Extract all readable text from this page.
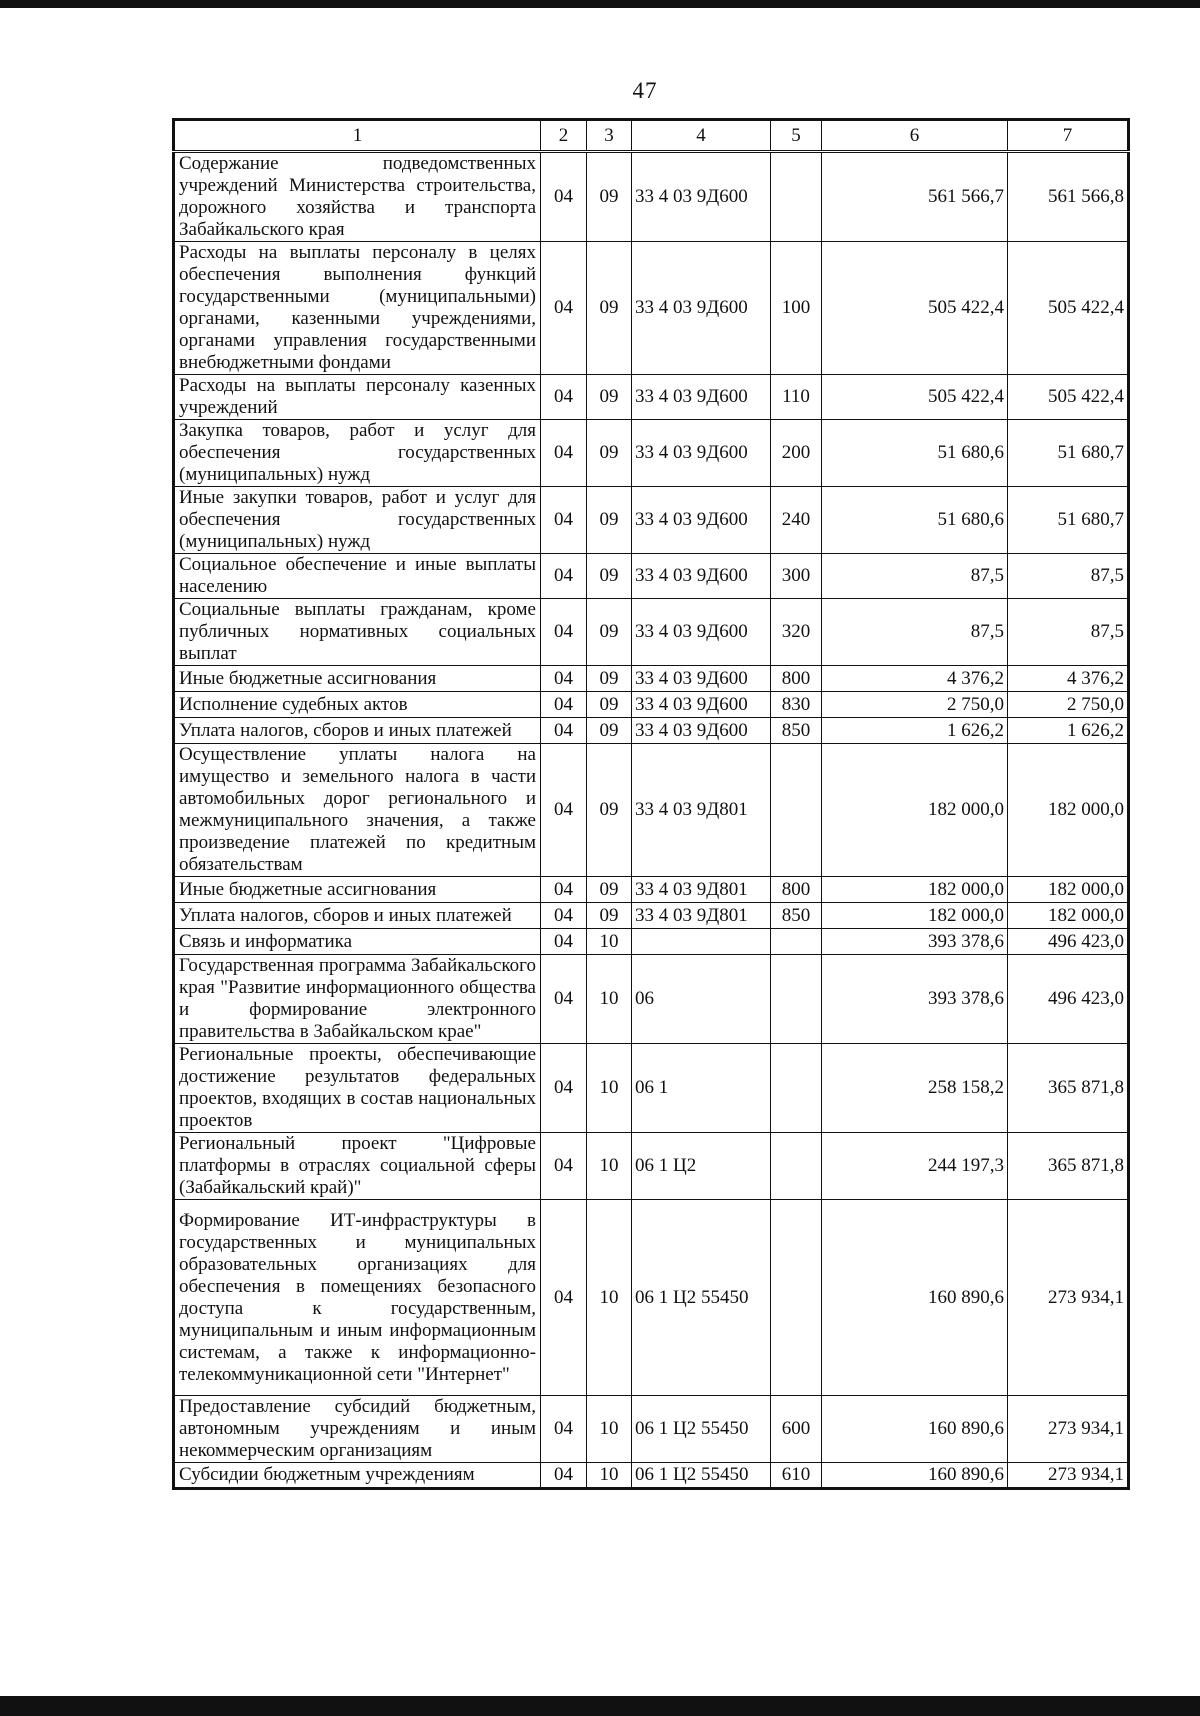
47
1	2	3	4	5	6	7
Содержание подведомственных учреждений Министерства строительства, дорожного хозяйства и транспорта Забайкальского края	04	09	33 4 03 9Д600		561 566,7	561 566,8
Расходы на выплаты персоналу в целях обеспечения выполнения функций государственными (муниципальными) органами, казенными учреждениями, органами управления государственными внебюджетными фондами	04	09	33 4 03 9Д600	100	505 422,4	505 422,4
Расходы на выплаты персоналу казенных учреждений	04	09	33 4 03 9Д600	110	505 422,4	505 422,4
Закупка товаров, работ и услуг для обеспечения государственных (муниципальных) нужд	04	09	33 4 03 9Д600	200	51 680,6	51 680,7
Иные закупки товаров, работ и услуг для обеспечения государственных (муниципальных) нужд	04	09	33 4 03 9Д600	240	51 680,6	51 680,7
Социальное обеспечение и иные выплаты населению	04	09	33 4 03 9Д600	300	87,5	87,5
Социальные выплаты гражданам, кроме публичных нормативных социальных выплат	04	09	33 4 03 9Д600	320	87,5	87,5
Иные бюджетные ассигнования	04	09	33 4 03 9Д600	800	4 376,2	4 376,2
Исполнение судебных актов	04	09	33 4 03 9Д600	830	2 750,0	2 750,0
Уплата налогов, сборов и иных платежей	04	09	33 4 03 9Д600	850	1 626,2	1 626,2
Осуществление уплаты налога на имущество и земельного налога в части автомобильных дорог регионального и межмуниципального значения, а также произведение платежей по кредитным обязательствам	04	09	33 4 03 9Д801		182 000,0	182 000,0
Иные бюджетные ассигнования	04	09	33 4 03 9Д801	800	182 000,0	182 000,0
Уплата налогов, сборов и иных платежей	04	09	33 4 03 9Д801	850	182 000,0	182 000,0
Связь и информатика	04	10			393 378,6	496 423,0
Государственная программа Забайкальского края "Развитие информационного общества и формирование электронного правительства в Забайкальском крае"	04	10	06		393 378,6	496 423,0
Региональные проекты, обеспечивающие достижение результатов федеральных проектов, входящих в состав национальных проектов	04	10	06 1		258 158,2	365 871,8
Региональный проект "Цифровые платформы в отраслях социальной сферы (Забайкальский край)"	04	10	06 1 Ц2		244 197,3	365 871,8
Формирование ИТ-инфраструктуры в государственных и муниципальных образовательных организациях для обеспечения в помещениях безопасного доступа к государственным, муниципальным и иным информационным системам, а также к информационно-телекоммуникационной сети "Интернет"	04	10	06 1 Ц2 55450		160 890,6	273 934,1
Предоставление субсидий бюджетным, автономным учреждениям и иным некоммерческим организациям	04	10	06 1 Ц2 55450	600	160 890,6	273 934,1
Субсидии бюджетным учреждениям	04	10	06 1 Ц2 55450	610	160 890,6	273 934,1
